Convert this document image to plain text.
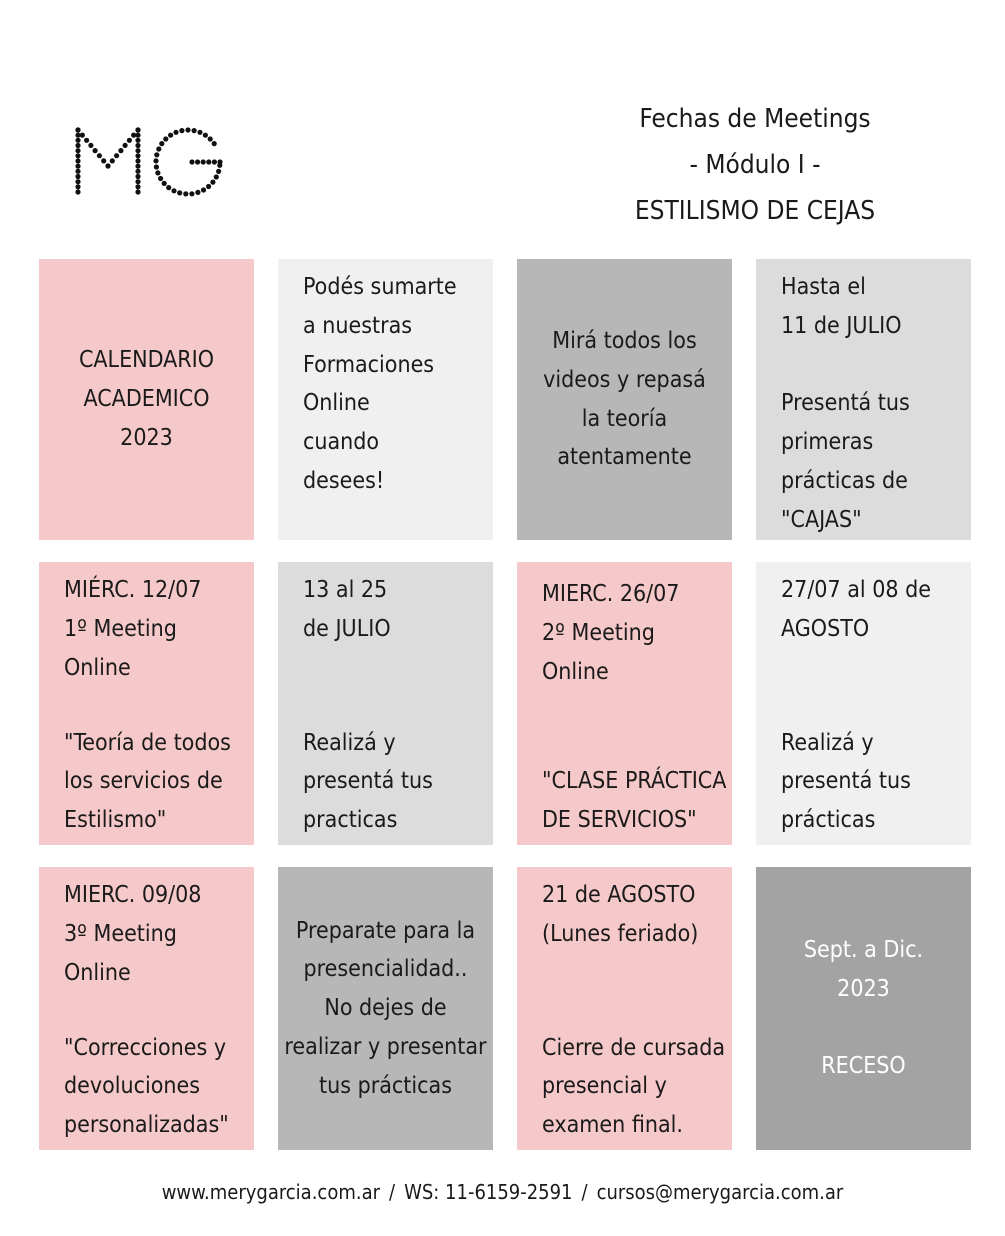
Fechas de Meetings
- Módulo I -
ESTILISMO DE CEJAS
CALENDARIO
ACADEMICO
2023
Podés sumarte
a nuestras
Formaciones
Online
cuando
desees!
Mirá todos los
videos y repasá
la teoría
atentamente
Hasta el
11 de JULIO
Presentá tus
primeras
prácticas de
"CAJAS"
MIÉRC. 12/07
1º Meeting
Online
"Teoría de todos
los servicios de
Estilismo"
13 al 25
de JULIO
Realizá y
presentá tus
practicas
MIERC. 26/07
2º Meeting
Online
"CLASE PRÁCTICA
DE SERVICIOS"
27/07 al 08 de
AGOSTO
Realizá y
presentá tus
prácticas
MIERC. 09/08
3º Meeting
Online
"Correcciones y
devoluciones
personalizadas"
Preparate para la
presencialidad..
No dejes de
realizar y presentar
tus prácticas
21 de AGOSTO
(Lunes feriado)
Cierre de cursada
presencial y
examen final.
Sept. a Dic.
2023
RECESO
www.merygarcia.com.ar / WS: 11-6159-2591 / cursos@merygarcia.com.ar
